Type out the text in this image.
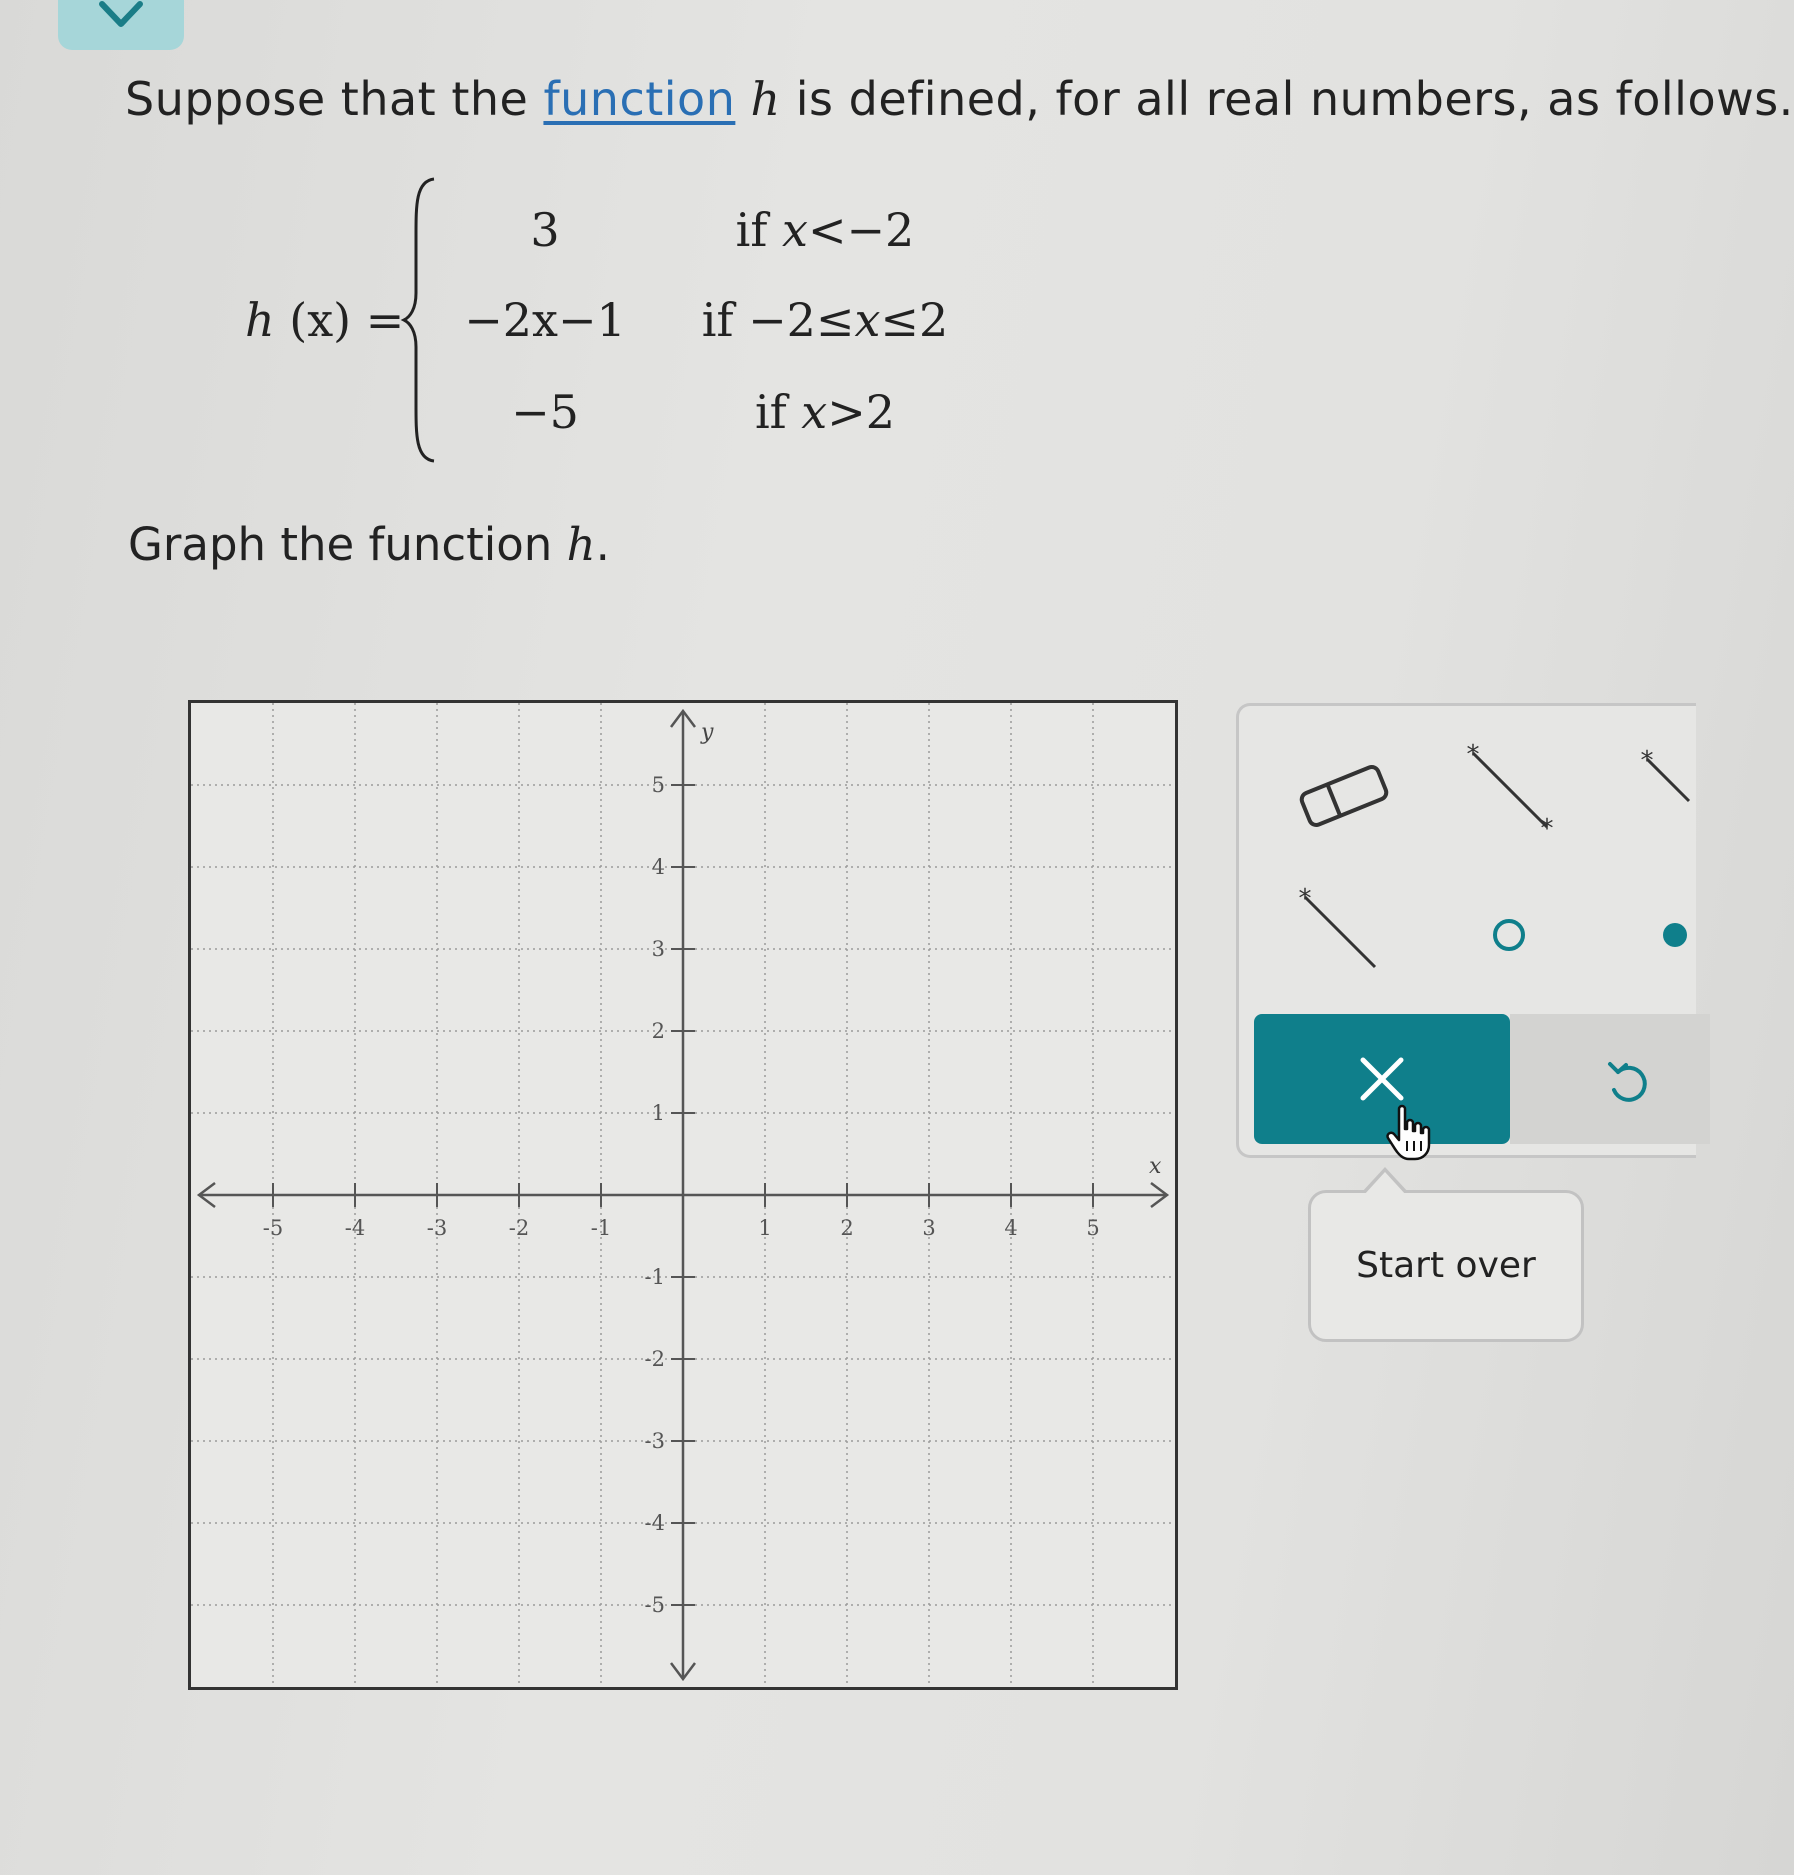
Suppose that the function h is defined, for all real numbers, as follows.
h (x) =
3	if x<−2
−2x−1	if −2≤x≤2
−5	if x>2
Graph the function h.
x
y
-5	-4	-3	-2	-1	1	2	3	4	5
5
4
3
2
1
-1
-2
-3
-4
-5
*
*
*
*
Start over
